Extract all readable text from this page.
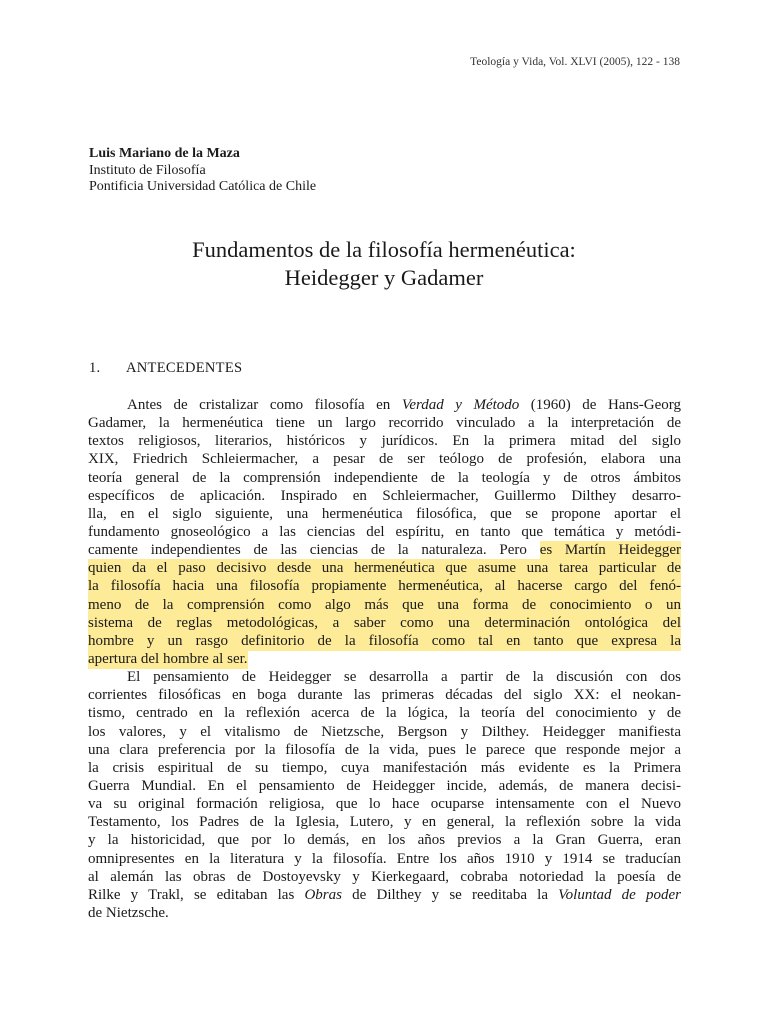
Teología y Vida, Vol. XLVI (2005), 122 - 138
Luis Mariano de la Maza
Instituto de Filosofía
Pontificia Universidad Católica de Chile
Fundamentos de la filosofía hermenéutica:
Heidegger y Gadamer
1. ANTECEDENTES
Antes de cristalizar como filosofía en Verdad y Método (1960) de Hans-Georg
Gadamer, la hermenéutica tiene un largo recorrido vinculado a la interpretación de
textos religiosos, literarios, históricos y jurídicos. En la primera mitad del siglo
XIX, Friedrich Schleiermacher, a pesar de ser teólogo de profesión, elabora una
teoría general de la comprensión independiente de la teología y de otros ámbitos
específicos de aplicación. Inspirado en Schleiermacher, Guillermo Dilthey desarro-
lla, en el siglo siguiente, una hermenéutica filosófica, que se propone aportar el
fundamento gnoseológico a las ciencias del espíritu, en tanto que temática y metódi-
camente independientes de las ciencias de la naturaleza. Pero es Martín Heidegger
quien da el paso decisivo desde una hermenéutica que asume una tarea particular de
la filosofía hacia una filosofía propiamente hermenéutica, al hacerse cargo del fenó-
meno de la comprensión como algo más que una forma de conocimiento o un
sistema de reglas metodológicas, a saber como una determinación ontológica del
hombre y un rasgo definitorio de la filosofía como tal en tanto que expresa la
apertura del hombre al ser.
El pensamiento de Heidegger se desarrolla a partir de la discusión con dos
corrientes filosóficas en boga durante las primeras décadas del siglo XX: el neokan-
tismo, centrado en la reflexión acerca de la lógica, la teoría del conocimiento y de
los valores, y el vitalismo de Nietzsche, Bergson y Dilthey. Heidegger manifiesta
una clara preferencia por la filosofía de la vida, pues le parece que responde mejor a
la crisis espiritual de su tiempo, cuya manifestación más evidente es la Primera
Guerra Mundial. En el pensamiento de Heidegger incide, además, de manera decisi-
va su original formación religiosa, que lo hace ocuparse intensamente con el Nuevo
Testamento, los Padres de la Iglesia, Lutero, y en general, la reflexión sobre la vida
y la historicidad, que por lo demás, en los años previos a la Gran Guerra, eran
omnipresentes en la literatura y la filosofía. Entre los años 1910 y 1914 se traducían
al alemán las obras de Dostoyevsky y Kierkegaard, cobraba notoriedad la poesía de
Rilke y Trakl, se editaban las Obras de Dilthey y se reeditaba la Voluntad de poder
de Nietzsche.
